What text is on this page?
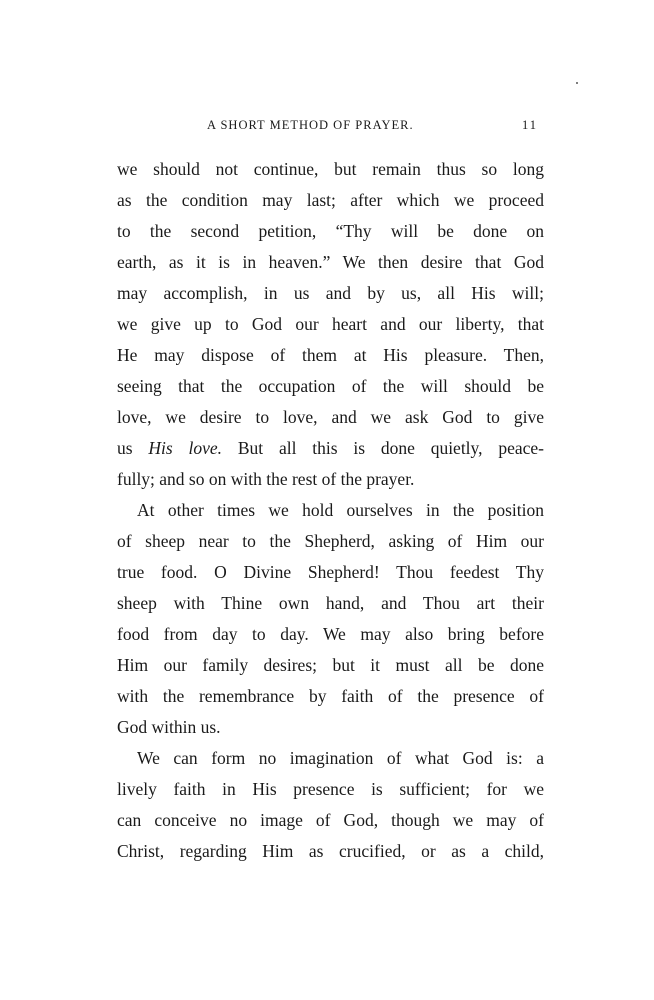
A SHORT METHOD OF PRAYER.	11
we should not continue, but remain thus so long
as the condition may last; after which we proceed
to the second petition, “Thy will be done on
earth, as it is in heaven.” We then desire that God
may accomplish, in us and by us, all His will;
we give up to God our heart and our liberty, that
He may dispose of them at His pleasure. Then,
seeing that the occupation of the will should be
love, we desire to love, and we ask God to give
us His love. But all this is done quietly, peace-
fully; and so on with the rest of the prayer.
At other times we hold ourselves in the position
of sheep near to the Shepherd, asking of Him our
true food. O Divine Shepherd! Thou feedest Thy
sheep with Thine own hand, and Thou art their
food from day to day. We may also bring before
Him our family desires; but it must all be done
with the remembrance by faith of the presence of
God within us.
We can form no imagination of what God is: a
lively faith in His presence is sufficient; for we
can conceive no image of God, though we may of
Christ, regarding Him as crucified, or as a child,
